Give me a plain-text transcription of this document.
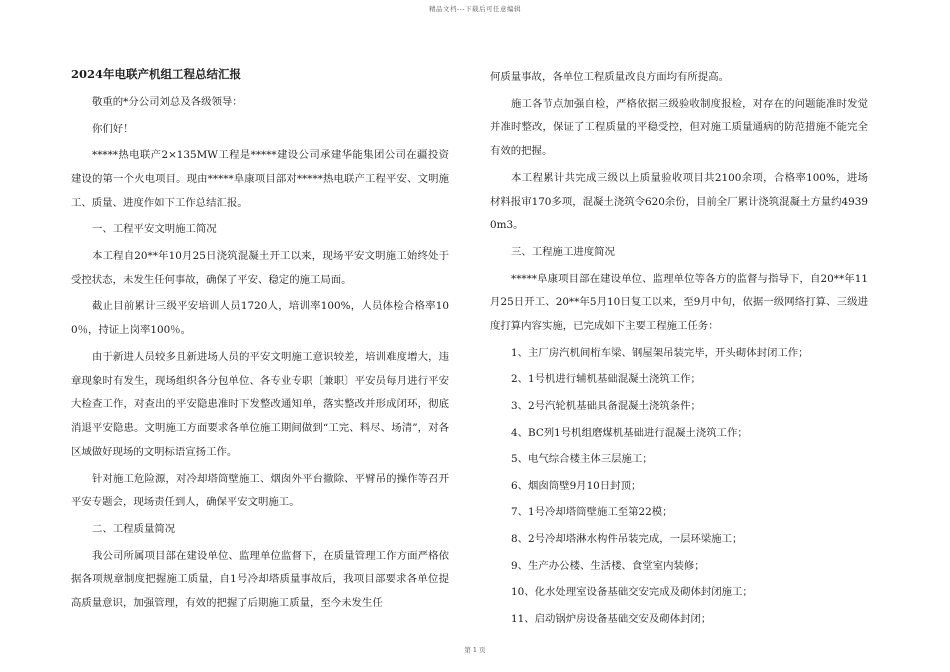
精品文档---下载后可任意编辑
2024年电联产机组工程总结汇报

敬重的*分公司刘总及各级领导：

你们好！

*****热电联产2×135MW工程是*****建设公司承建华能集团公司在疆投资建设的第一个火电项目。现由*****阜康项目部对*****热电联产工程平安、文明施工、质量、进度作如下工作总结汇报。

一、工程平安文明施工简况

本工程自20**年10月25日浇筑混凝土开工以来，现场平安文明施工始终处于受控状态，未发生任何事故，确保了平安、稳定的施工局面。

截止目前累计三级平安培训人员1720人，培训率100%，人员体检合格率100％，持证上岗率100％。

由于新进人员较多且新进场人员的平安文明施工意识较差，培训难度增大，违章现象时有发生，现场组织各分包单位、各专业专职〔兼职〕平安员每月进行平安大检查工作，对查出的平安隐患准时下发整改通知单，落实整改并形成闭环，彻底消退平安隐患。文明施工方面要求各单位施工期间做到“工完、料尽、场清”，对各区域做好现场的文明标语宣扬工作。

针对施工危险源，对冷却塔筒壁施工、烟囱外平台撤除、平臂吊的操作等召开平安专题会，现场责任到人，确保平安文明施工。

二、工程质量简况

我公司所属项目部在建设单位、监理单位监督下，在质量管理工作方面严格依据各项规章制度把握施工质量，自1号冷却塔质量事故后，我项目部要求各单位提高质量意识，加强管理，有效的把握了后期施工质量，至今未发生任

何质量事故，各单位工程质量改良方面均有所提高。

施工各节点加强自检，严格依据三级验收制度报检，对存在的问题能准时发觉并准时整改，保证了工程质量的平稳受控，但对施工质量通病的防范措施不能完全有效的把握。

本工程累计共完成三级以上质量验收项目共2100余项，合格率100%，进场材料报审170多项，混凝土浇筑令620余份，目前全厂累计浇筑混凝土方量约49390m3。

三、工程施工进度简况

*****阜康项目部在建设单位、监理单位等各方的监督与指导下，自20**年11月25日开工、20**年5月10日复工以来，至9月中旬，依据一级网络打算、三级进度打算内容实施，已完成如下主要工程施工任务：

1、主厂房汽机间桁车梁、钢屋架吊装完毕，开头砌体封闭工作；

2、1号机进行辅机基础混凝土浇筑工作；

3、2号汽轮机基础具备混凝土浇筑条件；

4、BC列1号机组磨煤机基础进行混凝土浇筑工作；

5、电气综合楼主体三层施工；

6、烟囱筒壁9月10日封顶；

7、1号冷却塔筒壁施工至第22模；

8、2号冷却塔淋水构件吊装完成，一层环梁施工；

9、生产办公楼、生活楼、食堂室内装修；

10、化水处理室设备基础交安完成及砌体封闭施工；

11、启动锅炉房设备基础交安及砌体封闭；

第 1 页
